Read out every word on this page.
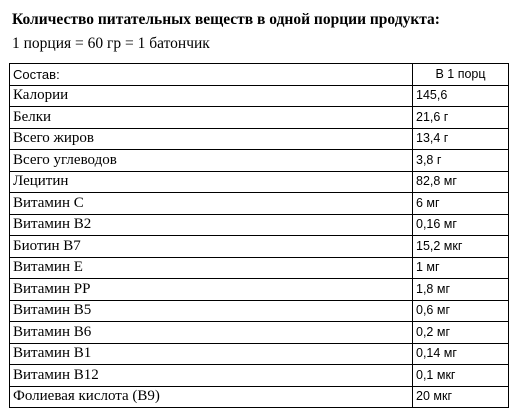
Количество питательных веществ в одной порции продукта:
1 порция = 60 гр = 1 батончик
Состав:	В 1 порц
Калории	145,6
Белки	21,6 г
Всего жиров	13,4 г
Всего углеводов	3,8 г
Лецитин	82,8 мг
Витамин С	6 мг
Витамин В2	0,16 мг
Биотин В7	15,2 мкг
Витамин Е	1 мг
Витамин РР	1,8 мг
Витамин В5	0,6 мг
Витамин В6	0,2 мг
Витамин В1	0,14 мг
Витамин В12	0,1 мкг
Фолиевая кислота (В9)	20 мкг
